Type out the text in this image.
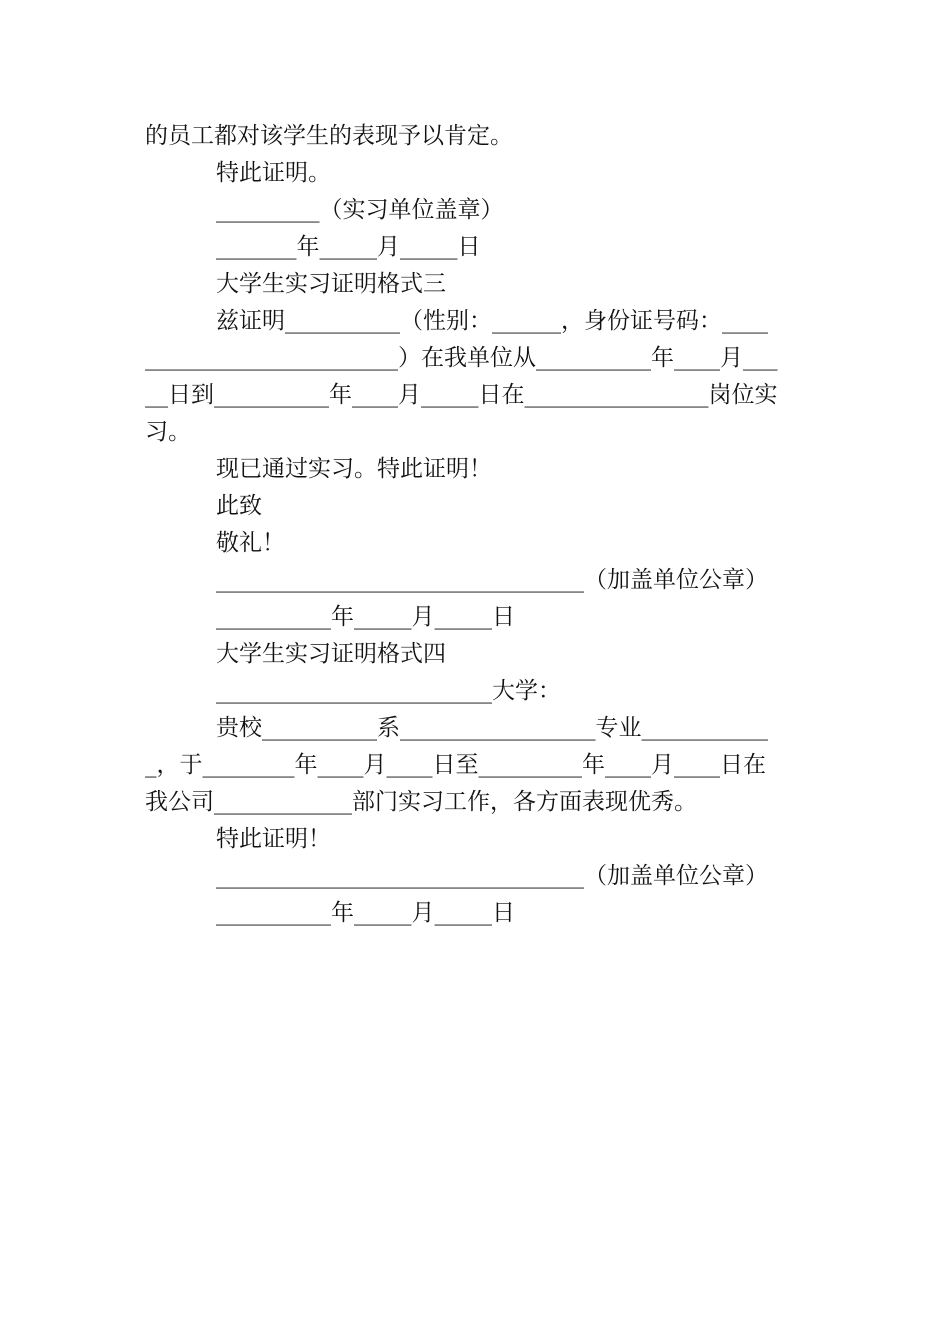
的员工都对该学生的表现予以肯定。
特此证明。
_________（实习单位盖章）
_______年_____月_____日
大学生实习证明格式三
兹证明__________（性别：______，身份证号码：____
______________________）在我单位从__________年____月___
__日到__________年____月_____日在________________岗位实
习。
现已通过实习。特此证明！
此致
敬礼！
________________________________（加盖单位公章）
__________年_____月_____日
大学生实习证明格式四
________________________大学：
贵校__________系_________________专业___________
_，于________年____月____日至_________年____月____日在
我公司____________部门实习工作，各方面表现优秀。
特此证明！
________________________________（加盖单位公章）
__________年_____月_____日
